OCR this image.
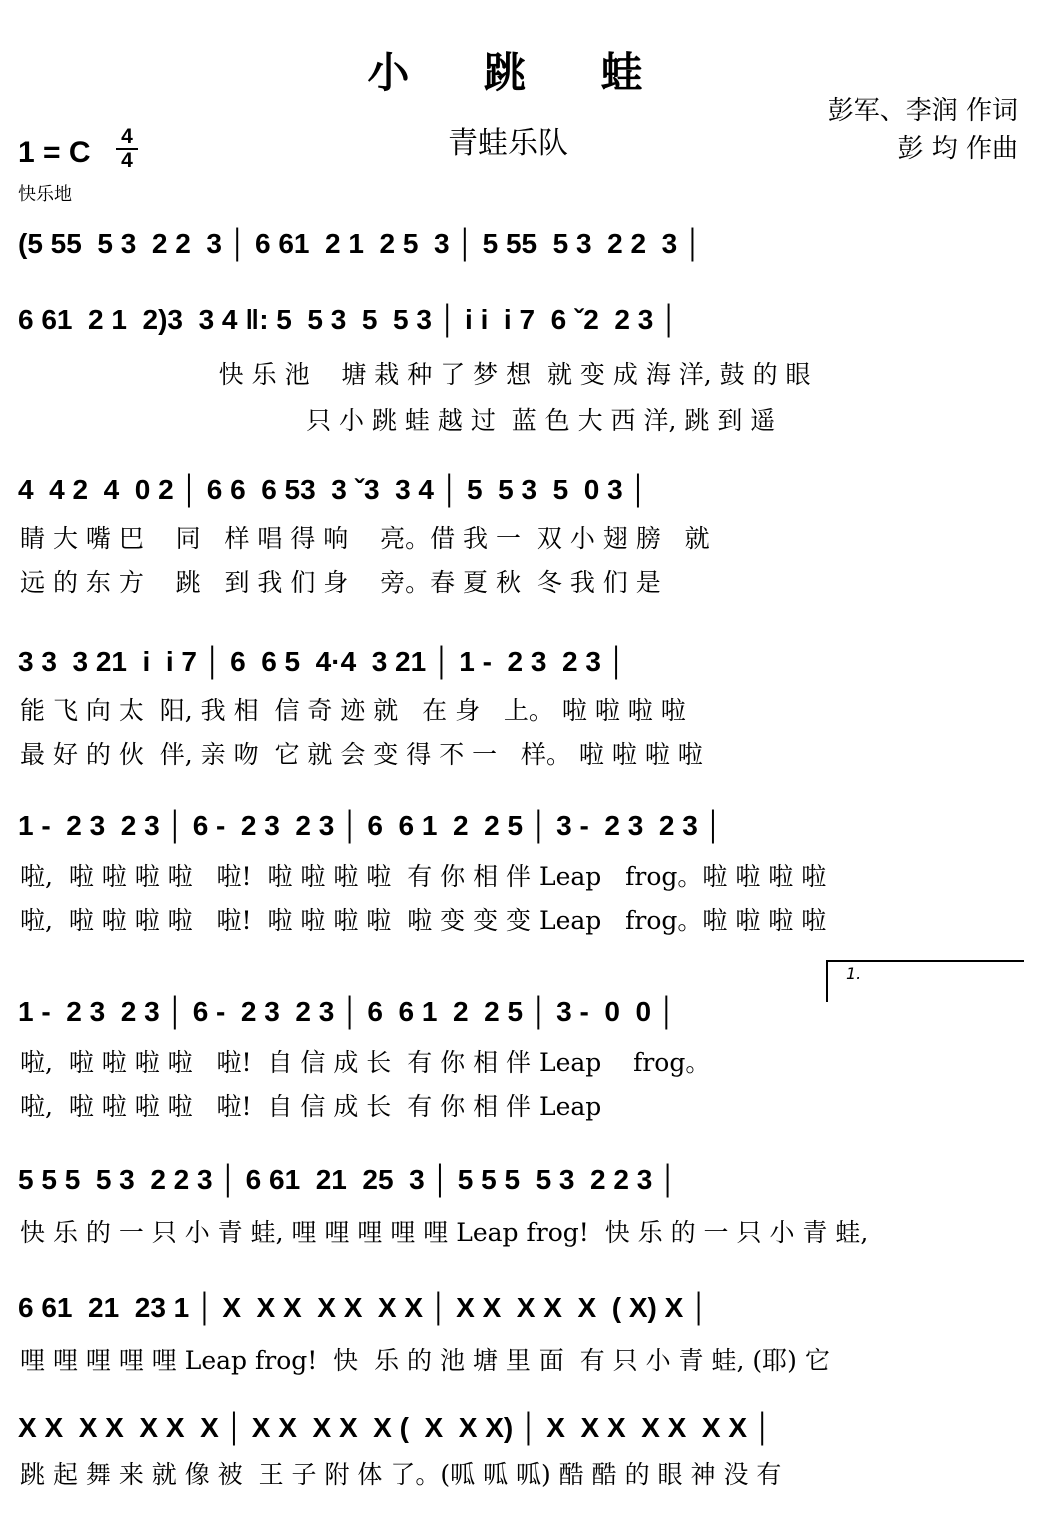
小 跳 蛙
青蛙乐队
彭军、李润 作词
彭 均 作曲
1 = C 4
4
快乐地
(5 55  5 3  2 2  3 │ 6 61  2 1  2 5  3 │ 5 55  5 3  2 2  3 │
6 61  2 1  2)3  3 4 ‖: 5  5 3  5  5 3 │ i i  i 7  6 ˇ2  2 3 │
快 乐 池    塘 栽 种 了 梦 想  就 变 成 海 洋, 鼓 的 眼
只 小 跳 蛙 越 过  蓝 色 大 西 洋, 跳 到 遥
4  4 2  4  0 2 │ 6 6  6 53  3 ˇ3  3 4 │ 5  5 3  5  0 3 │
睛 大 嘴 巴    同   样 唱 得 响    亮。借 我 一  双 小 翅 膀   就
远 的 东 方    跳   到 我 们 身    旁。春 夏 秋  冬 我 们 是
3 3  3 21  i  i 7 │ 6  6 5  4·4  3 21 │ 1 -  2 3  2 3 │
能 飞 向 太  阳, 我 相  信 奇 迹 就   在 身   上。 啦 啦 啦 啦
最 好 的 伙  伴, 亲 吻  它 就 会 变 得 不 一   样。 啦 啦 啦 啦
1 -  2 3  2 3 │ 6 -  2 3  2 3 │ 6  6 1  2  2 5 │ 3 -  2 3  2 3 │
啦,  啦 啦 啦 啦   啦!  啦 啦 啦 啦  有 你 相 伴 Leap   frog。啦 啦 啦 啦
啦,  啦 啦 啦 啦   啦!  啦 啦 啦 啦  啦 变 变 变 Leap   frog。啦 啦 啦 啦
1.
1 -  2 3  2 3 │ 6 -  2 3  2 3 │ 6  6 1  2  2 5 │ 3 -  0  0 │
啦,  啦 啦 啦 啦   啦!  自 信 成 长  有 你 相 伴 Leap    frog。
啦,  啦 啦 啦 啦   啦!  自 信 成 长  有 你 相 伴 Leap
5 5 5  5 3  2 2 3 │ 6 61  21  25  3 │ 5 5 5  5 3  2 2 3 │
快 乐 的 一 只 小 青 蛙, 哩 哩 哩 哩 哩 Leap frog!  快 乐 的 一 只 小 青 蛙,
6 61  21  23 1 │ X  X X  X X  X X │ X X  X X  X  ( X) X │
哩 哩 哩 哩 哩 Leap frog!  快  乐 的 池 塘 里 面  有 只 小 青 蛙, (耶) 它
X X  X X  X X  X │ X X  X X  X (  X  X X) │ X  X X  X X  X X │
跳 起 舞 来 就 像 被  王 子 附 体 了。(呱 呱 呱) 酷 酷 的 眼 神 没 有
